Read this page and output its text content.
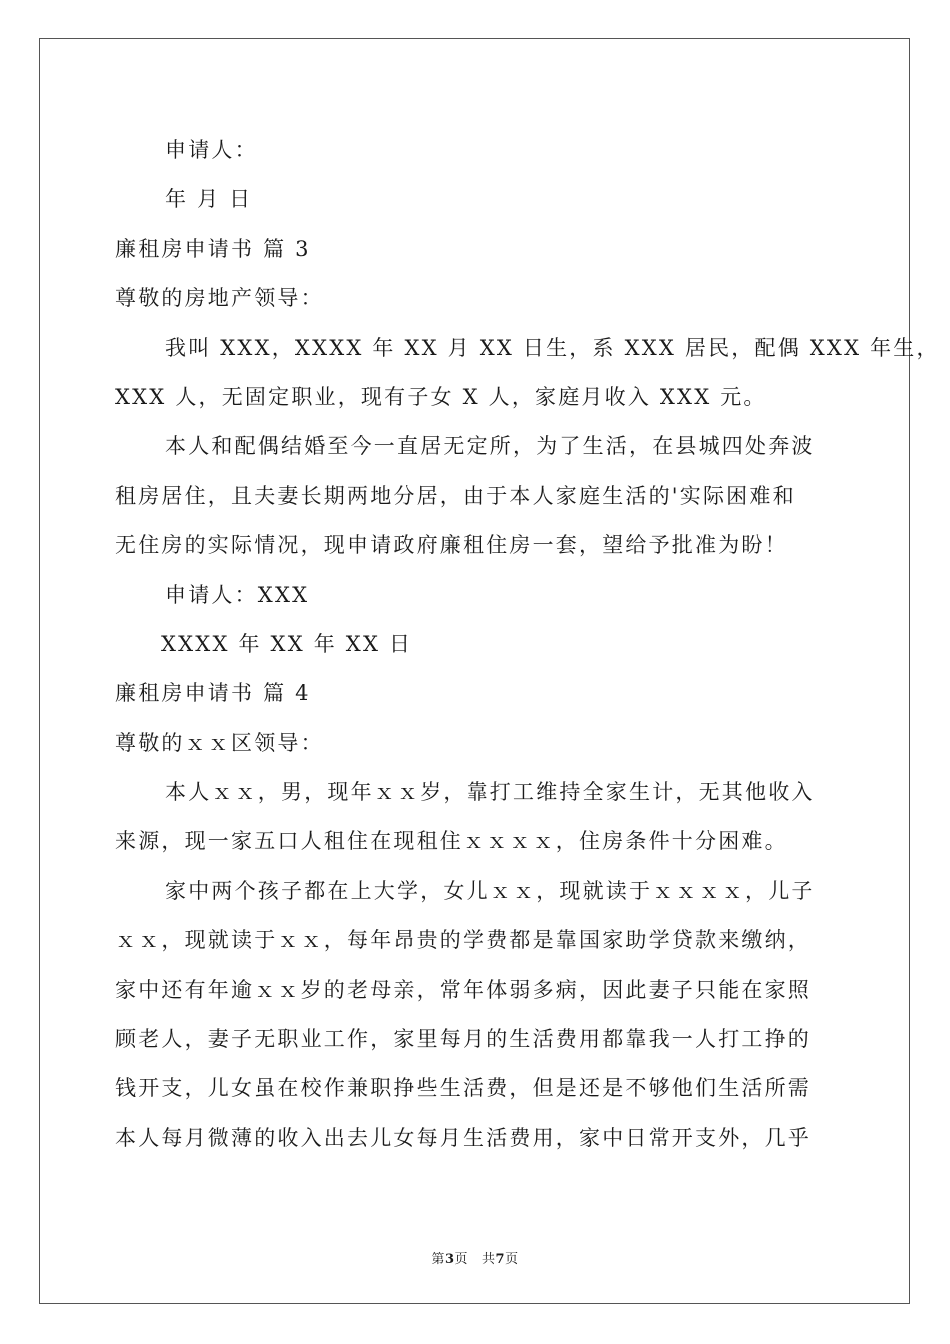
申请人：
年 月 日
廉租房申请书 篇 3
尊敬的房地产领导：
我叫 XXX，XXXX 年 XX 月 XX 日生，系 XXX 居民，配偶 XXX 年生，
XXX 人，无固定职业，现有子女 X 人，家庭月收入 XXX 元。
本人和配偶结婚至今一直居无定所，为了生活，在县城四处奔波
租房居住，且夫妻长期两地分居，由于本人家庭生活的'实际困难和
无住房的实际情况，现申请政府廉租住房一套，望给予批准为盼！
申请人：XXX
XXXX 年 XX 年 XX 日
廉租房申请书 篇 4
尊敬的ｘｘ区领导：
本人ｘｘ，男，现年ｘｘ岁，靠打工维持全家生计，无其他收入
来源，现一家五口人租住在现租住ｘｘｘｘ，住房条件十分困难。
家中两个孩子都在上大学，女儿ｘｘ，现就读于ｘｘｘｘ，儿子
ｘｘ，现就读于ｘｘ，每年昂贵的学费都是靠国家助学贷款来缴纳，
家中还有年逾ｘｘ岁的老母亲，常年体弱多病，因此妻子只能在家照
顾老人，妻子无职业工作，家里每月的生活费用都靠我一人打工挣的
钱开支，儿女虽在校作兼职挣些生活费，但是还是不够他们生活所需
本人每月微薄的收入出去儿女每月生活费用，家中日常开支外，几乎
第3页 共7页
